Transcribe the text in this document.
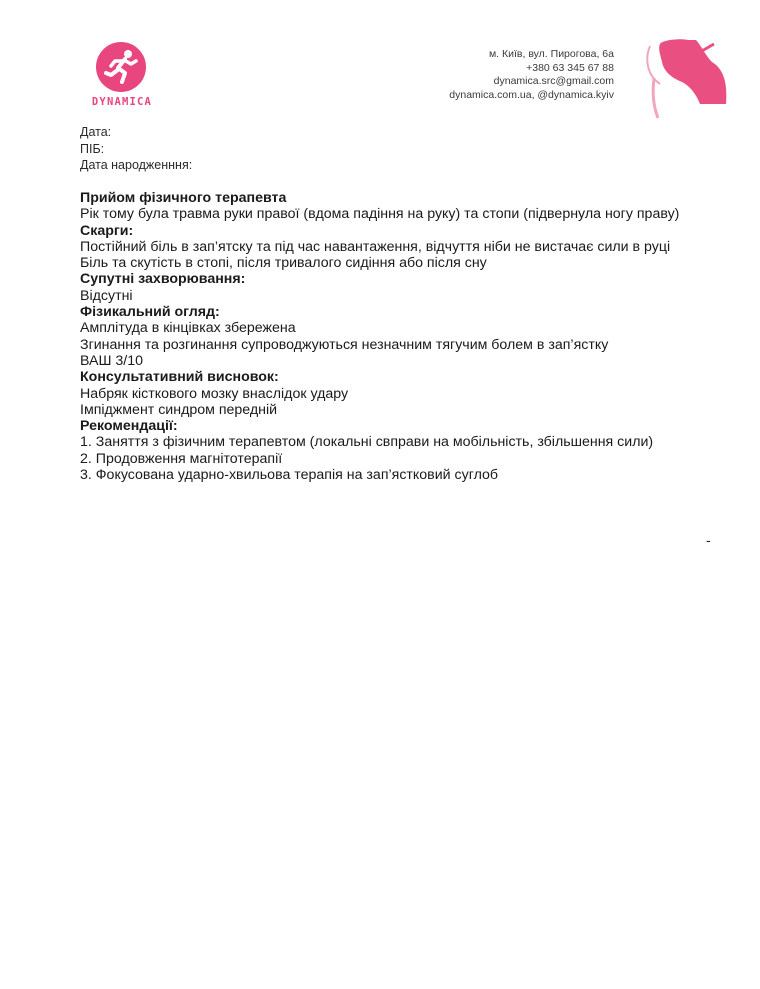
DYNAMICA
м. Київ, вул. Пирогова, 6а
+380 63 345 67 88
dynamica.src@gmail.com
dynamica.com.ua, @dynamica.kyiv
Дата:
ПІБ:
Дата народженння:
Прийом фізичного терапевта
Рік тому була травма руки правої (вдома падіння на руку) та стопи (підвернула ногу праву)
Скарги:
Постійний біль в зап’ятску та під час навантаження, відчуття ніби не вистачає сили в руці
Біль та скутість в стопі, після тривалого сидіння або після сну
Супутні захворювання:
Відсутні
Фізикальний огляд:
Амплітуда в кінцівках збережена
Згинання та розгинання супроводжуються незначним тягучим болем в зап’ястку
ВАШ 3/10
Консультативний висновок:
Набряк кісткового мозку внаслідок удару
Імпіджмент синдром передній
Рекомендації:
1. Заняття з фізичним терапевтом (локальні свправи на мобільність, збільшення сили)
2. Продовження магнітотерапії
3. Фокусована ударно-хвильова терапія на зап’ястковий суглоб
-
